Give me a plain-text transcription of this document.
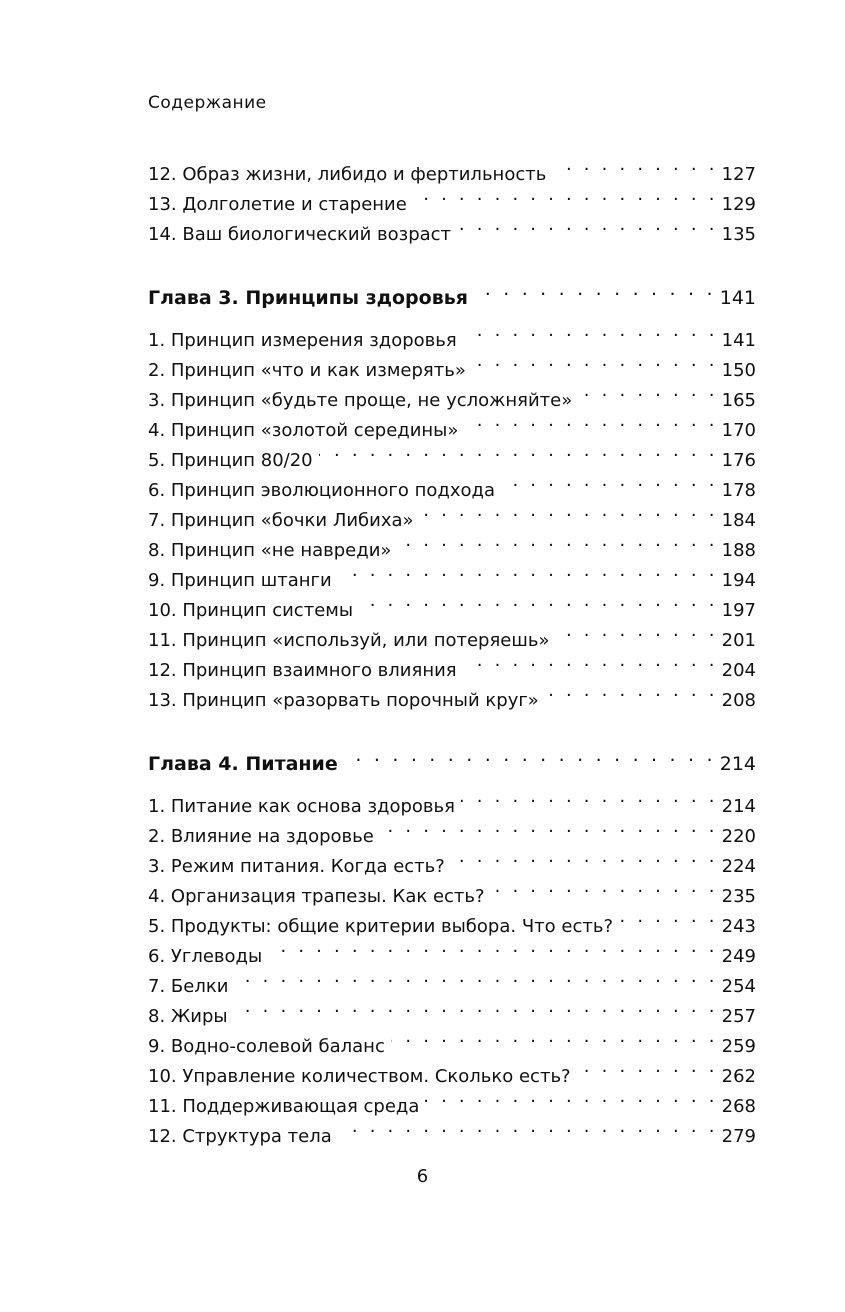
Содержание
12. Образ жизни, либидо и фертильность . . .	127
13. Долголетие и старение . . .	129
14. Ваш биологический возраст . . .	135
Глава 3. Принципы здоровья . . .	141
1. Принцип измерения здоровья . . .	141
2. Принцип «что и как измерять» . . .	150
3. Принцип «будьте проще, не усложняйте» . . .	165
4. Принцип «золотой середины» . . .	170
5. Принцип 80/20 . . .	176
6. Принцип эволюционного подхода . . .	178
7. Принцип «бочки Либиха» . . .	184
8. Принцип «не навреди» . . .	188
9. Принцип штанги . . .	194
10. Принцип системы . . .	197
11. Принцип «используй, или потеряешь» . . .	201
12. Принцип взаимного влияния . . .	204
13. Принцип «разорвать порочный круг» . . .	208
Глава 4. Питание . . .	214
1. Питание как основа здоровья . . .	214
2. Влияние на здоровье . . .	220
3. Режим питания. Когда есть? . . .	224
4. Организация трапезы. Как есть? . . .	235
5. Продукты: общие критерии выбора. Что есть? . . .	243
6. Углеводы . . .	249
7. Белки . . .	254
8. Жиры . . .	257
9. Водно-солевой баланс . . .	259
10. Управление количеством. Сколько есть? . . .	262
11. Поддерживающая среда . . .	268
12. Структура тела . . .	279
6
